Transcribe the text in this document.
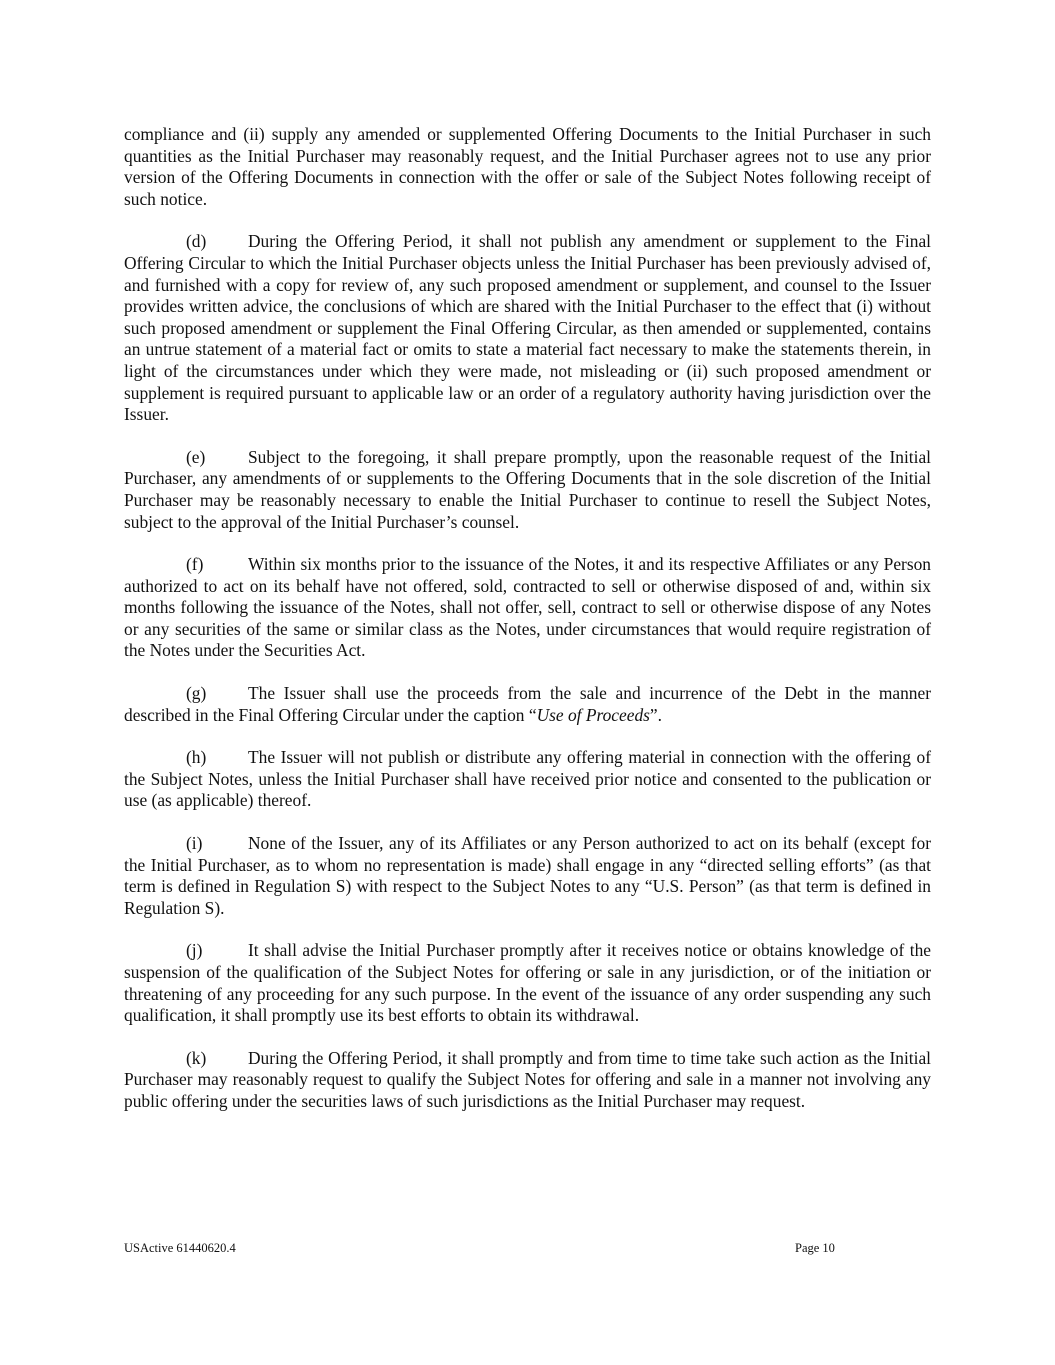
compliance and (ii) supply any amended or supplemented Offering Documents to the Initial Purchaser in such quantities as the Initial Purchaser may reasonably request, and the Initial Purchaser agrees not to use any prior version of the Offering Documents in connection with the offer or sale of the Subject Notes following receipt of such notice.

(d) During the Offering Period, it shall not publish any amendment or supplement to the Final Offering Circular to which the Initial Purchaser objects unless the Initial Purchaser has been previously advised of, and furnished with a copy for review of, any such proposed amendment or supplement, and counsel to the Issuer provides written advice, the conclusions of which are shared with the Initial Purchaser to the effect that (i) without such proposed amendment or supplement the Final Offering Circular, as then amended or supplemented, contains an untrue statement of a material fact or omits to state a material fact necessary to make the statements therein, in light of the circumstances under which they were made, not misleading or (ii) such proposed amendment or supplement is required pursuant to applicable law or an order of a regulatory authority having jurisdiction over the Issuer.

(e) Subject to the foregoing, it shall prepare promptly, upon the reasonable request of the Initial Purchaser, any amendments of or supplements to the Offering Documents that in the sole discretion of the Initial Purchaser may be reasonably necessary to enable the Initial Purchaser to continue to resell the Subject Notes, subject to the approval of the Initial Purchaser’s counsel.

(f)	Within six months prior to the issuance of the Notes, it and its respective Affiliates or any Person authorized to act on its behalf have not offered, sold, contracted to sell or otherwise disposed of and, within six months following the issuance of the Notes, shall not offer, sell, contract to sell or otherwise dispose of any Notes or any securities of the same or similar class as the Notes, under circumstances that would require registration of the Notes under the Securities Act.

(g) The Issuer shall use the proceeds from the sale and incurrence of the Debt in the manner described in the Final Offering Circular under the caption “Use of Proceeds”.

(h) The Issuer will not publish or distribute any offering material in connection with the offering of the Subject Notes, unless the Initial Purchaser shall have received prior notice and consented to the publication or use (as applicable) thereof.

(i)	None of the Issuer, any of its Affiliates or any Person authorized to act on its behalf (except for the Initial Purchaser, as to whom no representation is made) shall engage in any “directed selling efforts” (as that term is defined in Regulation S) with respect to the Subject Notes to any “U.S. Person” (as that term is defined in Regulation S).

(j)	It shall advise the Initial Purchaser promptly after it receives notice or obtains knowledge of the suspension of the qualification of the Subject Notes for offering or sale in any jurisdiction, or of the initiation or threatening of any proceeding for any such purpose. In the event of the issuance of any order suspending any such qualification, it shall promptly use its best efforts to obtain its withdrawal.

(k) During the Offering Period, it shall promptly and from time to time take such action as the Initial Purchaser may reasonably request to qualify the Subject Notes for offering and sale in a manner not involving any public offering under the securities laws of such jurisdictions as the Initial Purchaser may request.

USActive 61440620.4	Page 10
